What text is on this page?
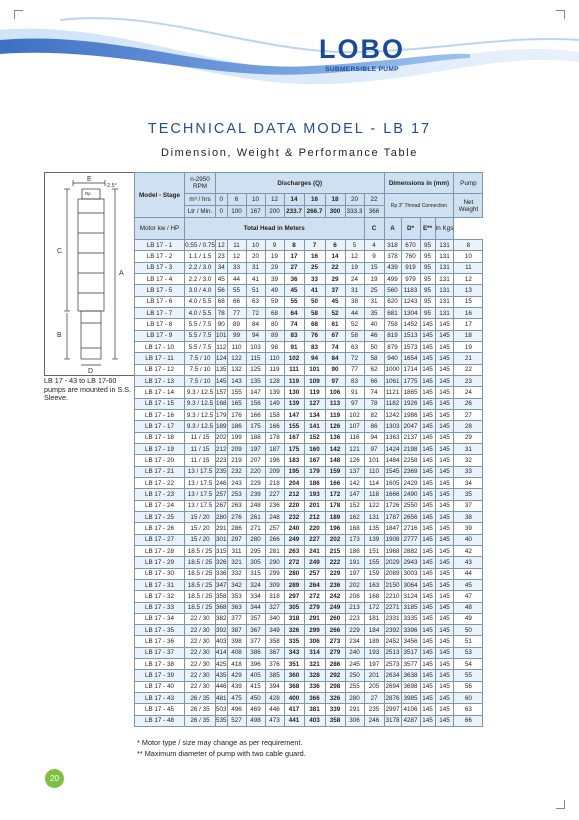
LOBO
SUBMERSIBLE PUMP
TECHNICAL DATA MODEL - LB 17
Dimension, Weight & Performance Table
E
2.5°
Rp
C
A
B
D
LB 17 - 43 to LB 17-60 pumps are mounted in S.S. Sleeve.
Model - Stage	n-2950 RPM	Discharges (Q)									Dimensions in (mm)				Pump
	m³ / hrs	0	6	10	12	14	16	18	20	22	Rp 3" Thread Connection				Net Weight
	Ltr / Min.	0	100	167	200	233.7	266.7	300	333.3	366					
Motor kw / HP	Total Head in Meters									C	A	D*	E**	In Kgs	
LB 17 - 1	0.55 / 0.75	12	11	10	9	8	7	6	5	4	318	670	95	131	8
LB 17 - 2	1.1 / 1.5	23	12	20	19	17	16	14	12	9	378	760	95	131	10
LB 17 - 3	2.2 / 3.0	34	33	31	29	27	25	22	19	15	439	919	95	131	11
LB 17 - 4	2.2 / 3.0	45	44	41	39	36	33	29	24	19	499	979	95	131	12
LB 17 - 5	3.0 / 4.0	56	55	51	49	45	41	37	31	25	560	1183	95	131	13
LB 17 - 6	4.0 / 5.5	68	66	63	59	55	50	45	38	31	620	1243	95	131	15
LB 17 - 7	4.0 / 5.5	78	77	72	68	64	58	52	44	35	681	1304	95	131	16
LB 17 - 8	5.5 / 7.5	90	89	84	80	74	68	61	52	40	758	1452	145	145	17
LB 17 - 9	5.5 / 7.5	101	99	94	89	83	76	67	58	46	819	1513	145	145	18
LB 17 - 10	5.5 / 7.5	112	110	103	98	91	83	74	63	50	879	1573	145	145	19
LB 17 - 11	7.5 / 10	124	122	115	110	102	94	84	72	58	940	1654	145	145	21
LB 17 - 12	7.5 / 10	135	132	125	119	111	101	90	77	62	1000	1714	145	145	22
LB 17 - 13	7.5 / 10	145	143	135	128	119	109	97	83	66	1061	1775	145	145	23
LB 17 - 14	9.3 / 12.5	157	155	147	139	130	119	106	91	74	1121	1865	145	145	24
LB 17 - 15	9.3 / 12.5	168	165	156	149	139	127	113	97	78	1182	1926	145	145	26
LB 17 - 16	9.3 / 12.5	179	176	166	158	147	134	119	102	82	1242	1986	145	145	27
LB 17 - 17	9.3 / 12.5	189	186	175	166	155	141	126	107	86	1303	2047	145	145	28
LB 17 - 18	11 / 15	202	199	188	178	167	152	136	116	94	1363	2137	145	145	29
LB 17 - 19	11 / 15	212	209	197	187	175	160	142	121	97	1424	2198	145	145	31
LB 17 - 20	11 / 15	223	219	207	196	183	167	148	126	101	1484	2258	145	145	32
LB 17 - 21	13 / 17.5	235	232	220	209	195	179	159	137	110	1545	2369	145	145	33
LB 17 - 22	13 / 17.5	246	243	229	218	204	186	166	142	114	1605	2429	145	145	34
LB 17 - 23	13 / 17.5	257	253	239	227	212	193	172	147	118	1666	2490	145	145	35
LB 17 - 24	13 / 17.5	267	263	248	236	220	201	178	152	122	1726	2550	145	145	37
LB 17 - 25	15 / 20	280	276	261	248	232	212	189	162	131	1787	2656	145	145	38
LB 17 - 26	15 / 20	291	286	271	257	240	220	196	168	135	1847	2716	145	145	39
LB 17 - 27	15 / 20	301	297	280	266	249	227	202	173	139	1908	2777	145	145	40
LB 17 - 28	18.5 / 25	315	311	295	281	263	241	215	186	151	1968	2882	145	145	42
LB 17 - 29	18.5 / 25	326	321	305	290	272	249	222	191	155	2029	2943	145	145	43
LB 17 - 30	18.5 / 25	336	332	315	299	280	257	229	197	159	2089	3003	145	145	44
LB 17 - 31	18.5 / 25	347	342	324	309	289	264	236	202	163	2150	3064	145	145	45
LB 17 - 32	18.5 / 25	358	353	334	318	297	272	242	208	168	2210	3124	145	145	47
LB 17 - 33	18.5 / 25	368	363	344	327	305	279	249	213	172	2271	3185	145	145	48
LB 17 - 34	22 / 30	382	377	357	340	318	291	260	223	181	2331	3335	145	145	49
LB 17 - 35	22 / 30	392	387	367	349	326	299	266	229	184	2392	3396	145	145	50
LB 17 - 36	22 / 30	403	398	377	358	335	306	273	234	189	2452	3456	145	145	51
LB 17 - 37	22 / 30	414	408	386	367	343	314	279	240	193	2513	3517	145	145	53
LB 17 - 38	22 / 30	425	418	396	376	351	321	286	245	197	2573	3577	145	145	54
LB 17 - 39	22 / 30	435	429	405	385	360	328	292	250	201	2634	3638	145	145	55
LB 17 - 40	22 / 30	446	439	415	394	368	336	298	255	205	2694	3698	145	145	56
LB 17 - 43	26 / 35	481	475	450	428	400	366	326	280	27	2876	3985	145	145	60
LB 17 - 45	26 / 35	503	496	469	446	417	381	339	291	235	2997	4106	145	145	63
LB 17 - 48	26 / 35	535	527	498	473	441	403	358	306	246	3178	4287	145	145	66
* Motor type / size may change as per requirement.
** Maximum diameter of pump with two cable guard.
20
